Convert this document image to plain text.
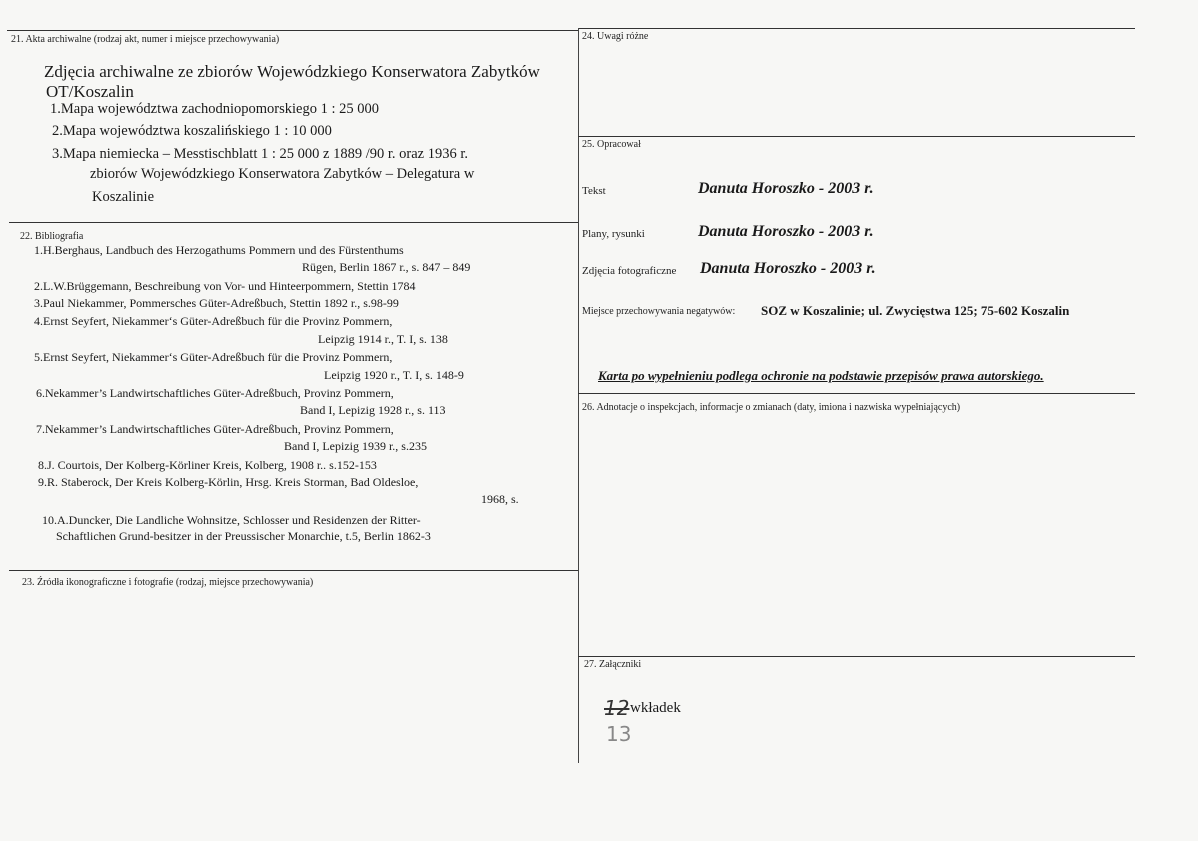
21. Akta archiwalne (rodzaj akt, numer i miejsce przechowywania)
Zdjęcia archiwalne ze zbiorów Wojewódzkiego Konserwatora Zabytków
OT/Koszalin
1.Mapa województwa zachodniopomorskiego 1 : 25 000
2.Mapa województwa koszalińskiego 1 : 10 000
3.Mapa niemiecka – Messtischblatt 1 : 25 000 z 1889 /90 r. oraz 1936 r.
zbiorów Wojewódzkiego Konserwatora Zabytków – Delegatura w
Koszalinie
22. Bibliografia
1.H.Berghaus, Landbuch des Herzogathums Pommern und des Fürstenthums
Rügen, Berlin 1867 r., s. 847 – 849
2.L.W.Brüggemann, Beschreibung von Vor- und Hinteerpommern, Stettin 1784
3.Paul Niekammer, Pommersches Güter-Adreßbuch, Stettin 1892 r., s.98-99
4.Ernst Seyfert, Niekammer‘s Güter-Adreßbuch für die Provinz Pommern,
Leipzig 1914 r., T. I, s. 138
5.Ernst Seyfert, Niekammer‘s Güter-Adreßbuch für die Provinz Pommern,
Leipzig 1920 r., T. I, s. 148-9
6.Nekammer’s Landwirtschaftliches Güter-Adreßbuch, Provinz Pommern,
Band I, Lepizig 1928 r., s. 113
7.Nekammer’s Landwirtschaftliches Güter-Adreßbuch, Provinz Pommern,
Band I, Lepizig 1939 r., s.235
8.J. Courtois, Der Kolberg-Körliner Kreis, Kolberg, 1908 r.. s.152-153
9.R. Staberock, Der Kreis Kolberg-Körlin, Hrsg. Kreis Storman, Bad Oldesloe,
1968, s.
10.A.Duncker, Die Landliche Wohnsitze, Schlosser und Residenzen der Ritter-
Schaftlichen Grund-besitzer in der Preussischer Monarchie, t.5, Berlin 1862-3
23. Źródła ikonograficzne i fotografie (rodzaj, miejsce przechowywania)
24. Uwagi różne
25. Opracował
Tekst	Danuta Horoszko - 2003 r.
Plany, rysunki	Danuta Horoszko - 2003 r.
Zdjęcia fotograficzne Danuta Horoszko - 2003 r.
Miejsce przechowywania negatywów: SOZ w Koszalinie; ul. Zwycięstwa 125; 75-602 Koszalin
Karta po wypełnieniu podlega ochronie na podstawie przepisów prawa autorskiego.
26. Adnotacje o inspekcjach, informacje o zmianach (daty, imiona i nazwiska wypełniających)
27. Załączniki
12 wkładek
13
